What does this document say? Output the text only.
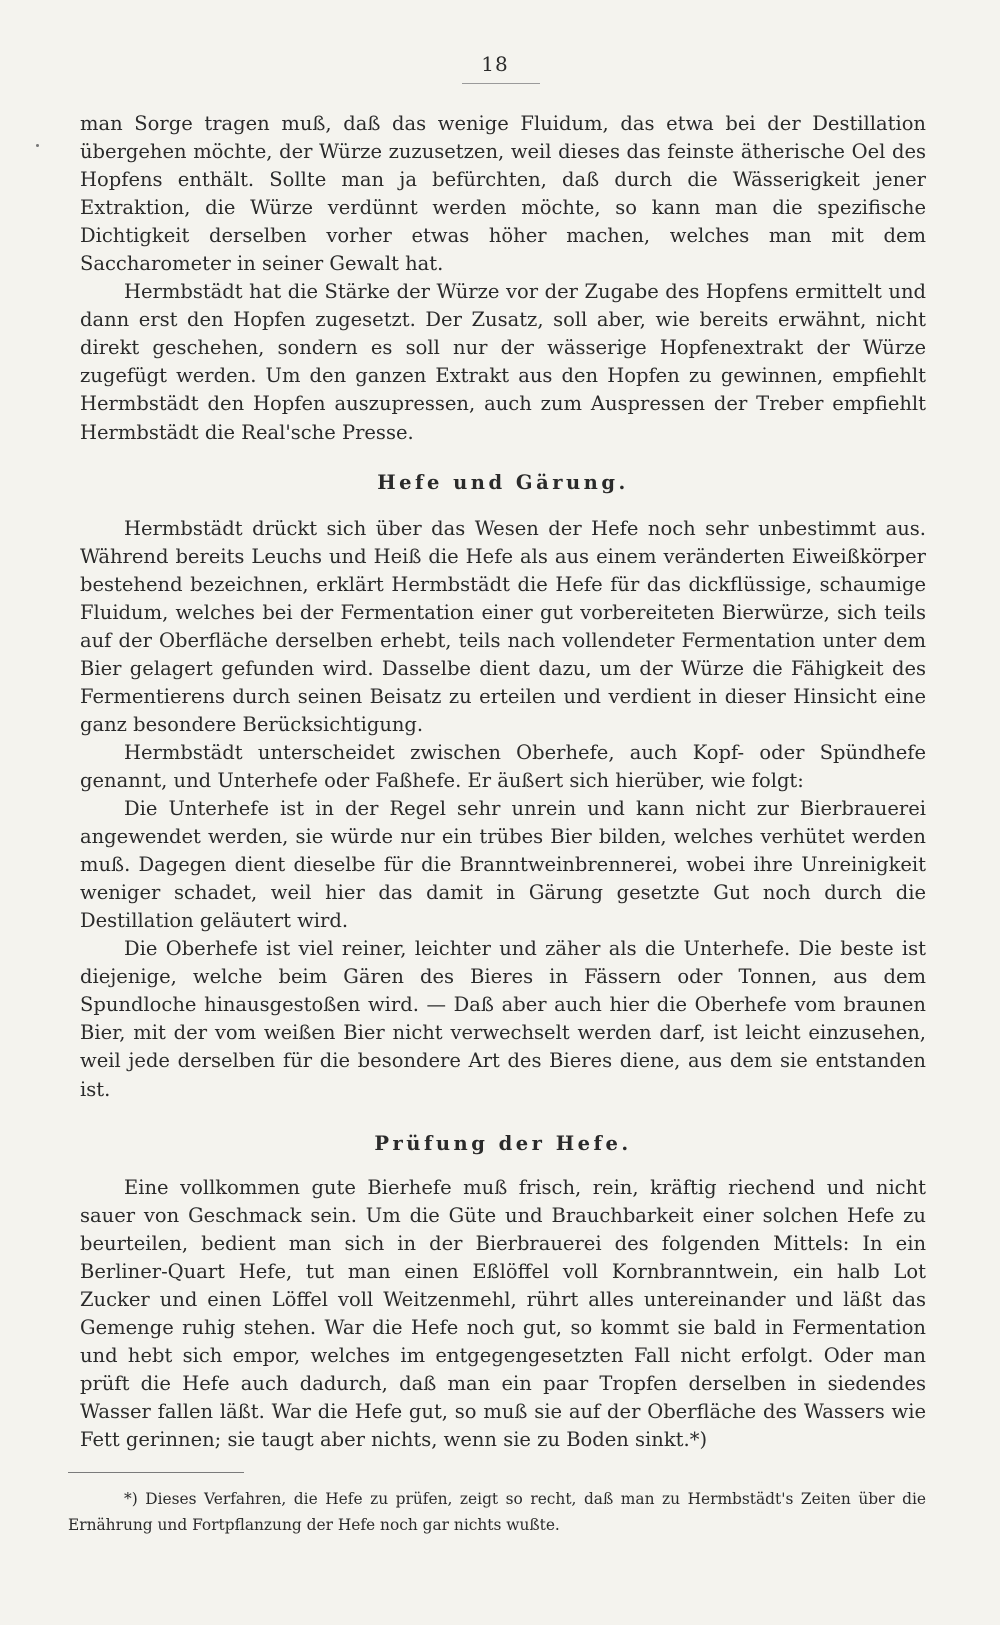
18

man Sorge tragen muß, daß das wenige Fluidum, das etwa bei der Destillation übergehen möchte, der Würze zuzusetzen, weil dieses das feinste ätherische Oel des Hopfens enthält. Sollte man ja befürchten, daß durch die Wässerigkeit jener Extraktion, die Würze verdünnt werden möchte, so kann man die spezifische Dichtigkeit derselben vorher etwas höher machen, welches man mit dem Saccharometer in seiner Gewalt hat.

Hermbstädt hat die Stärke der Würze vor der Zugabe des Hopfens ermittelt und dann erst den Hopfen zugesetzt. Der Zusatz, soll aber, wie bereits erwähnt, nicht direkt geschehen, sondern es soll nur der wässerige Hopfenextrakt der Würze zugefügt werden. Um den ganzen Extrakt aus den Hopfen zu gewinnen, empfiehlt Hermbstädt den Hopfen auszupressen, auch zum Auspressen der Treber empfiehlt Hermbstädt die Real'sche Presse.

Hefe und Gärung.

Hermbstädt drückt sich über das Wesen der Hefe noch sehr unbestimmt aus. Während bereits Leuchs und Heiß die Hefe als aus einem veränderten Eiweißkörper bestehend bezeichnen, erklärt Hermbstädt die Hefe für das dickflüssige, schaumige Fluidum, welches bei der Fermentation einer gut vorbereiteten Bierwürze, sich teils auf der Oberfläche derselben erhebt, teils nach vollendeter Fermentation unter dem Bier gelagert gefunden wird. Dasselbe dient dazu, um der Würze die Fähigkeit des Fermentierens durch seinen Beisatz zu erteilen und verdient in dieser Hinsicht eine ganz besondere Berücksichtigung.

Hermbstädt unterscheidet zwischen Oberhefe, auch Kopf- oder Spündhefe genannt, und Unterhefe oder Faßhefe. Er äußert sich hierüber, wie folgt:

Die Unterhefe ist in der Regel sehr unrein und kann nicht zur Bierbrauerei angewendet werden, sie würde nur ein trübes Bier bilden, welches verhütet werden muß. Dagegen dient dieselbe für die Branntweinbrennerei, wobei ihre Unreinigkeit weniger schadet, weil hier das damit in Gärung gesetzte Gut noch durch die Destillation geläutert wird.

Die Oberhefe ist viel reiner, leichter und zäher als die Unterhefe. Die beste ist diejenige, welche beim Gären des Bieres in Fässern oder Tonnen, aus dem Spundloche hinausgestoßen wird. — Daß aber auch hier die Oberhefe vom braunen Bier, mit der vom weißen Bier nicht verwechselt werden darf, ist leicht einzusehen, weil jede derselben für die besondere Art des Bieres diene, aus dem sie entstanden ist.

Prüfung der Hefe.

Eine vollkommen gute Bierhefe muß frisch, rein, kräftig riechend und nicht sauer von Geschmack sein. Um die Güte und Brauchbarkeit einer solchen Hefe zu beurteilen, bedient man sich in der Bierbrauerei des folgenden Mittels: In ein Berliner-Quart Hefe, tut man einen Eßlöffel voll Kornbranntwein, ein halb Lot Zucker und einen Löffel voll Weitzenmehl, rührt alles untereinander und läßt das Gemenge ruhig stehen. War die Hefe noch gut, so kommt sie bald in Fermentation und hebt sich empor, welches im entgegengesetzten Fall nicht erfolgt. Oder man prüft die Hefe auch dadurch, daß man ein paar Tropfen derselben in siedendes Wasser fallen läßt. War die Hefe gut, so muß sie auf der Oberfläche des Wassers wie Fett gerinnen; sie taugt aber nichts, wenn sie zu Boden sinkt.*)

*) Dieses Verfahren, die Hefe zu prüfen, zeigt so recht, daß man zu Hermbstädt's Zeiten über die Ernährung und Fortpflanzung der Hefe noch gar nichts wußte.
